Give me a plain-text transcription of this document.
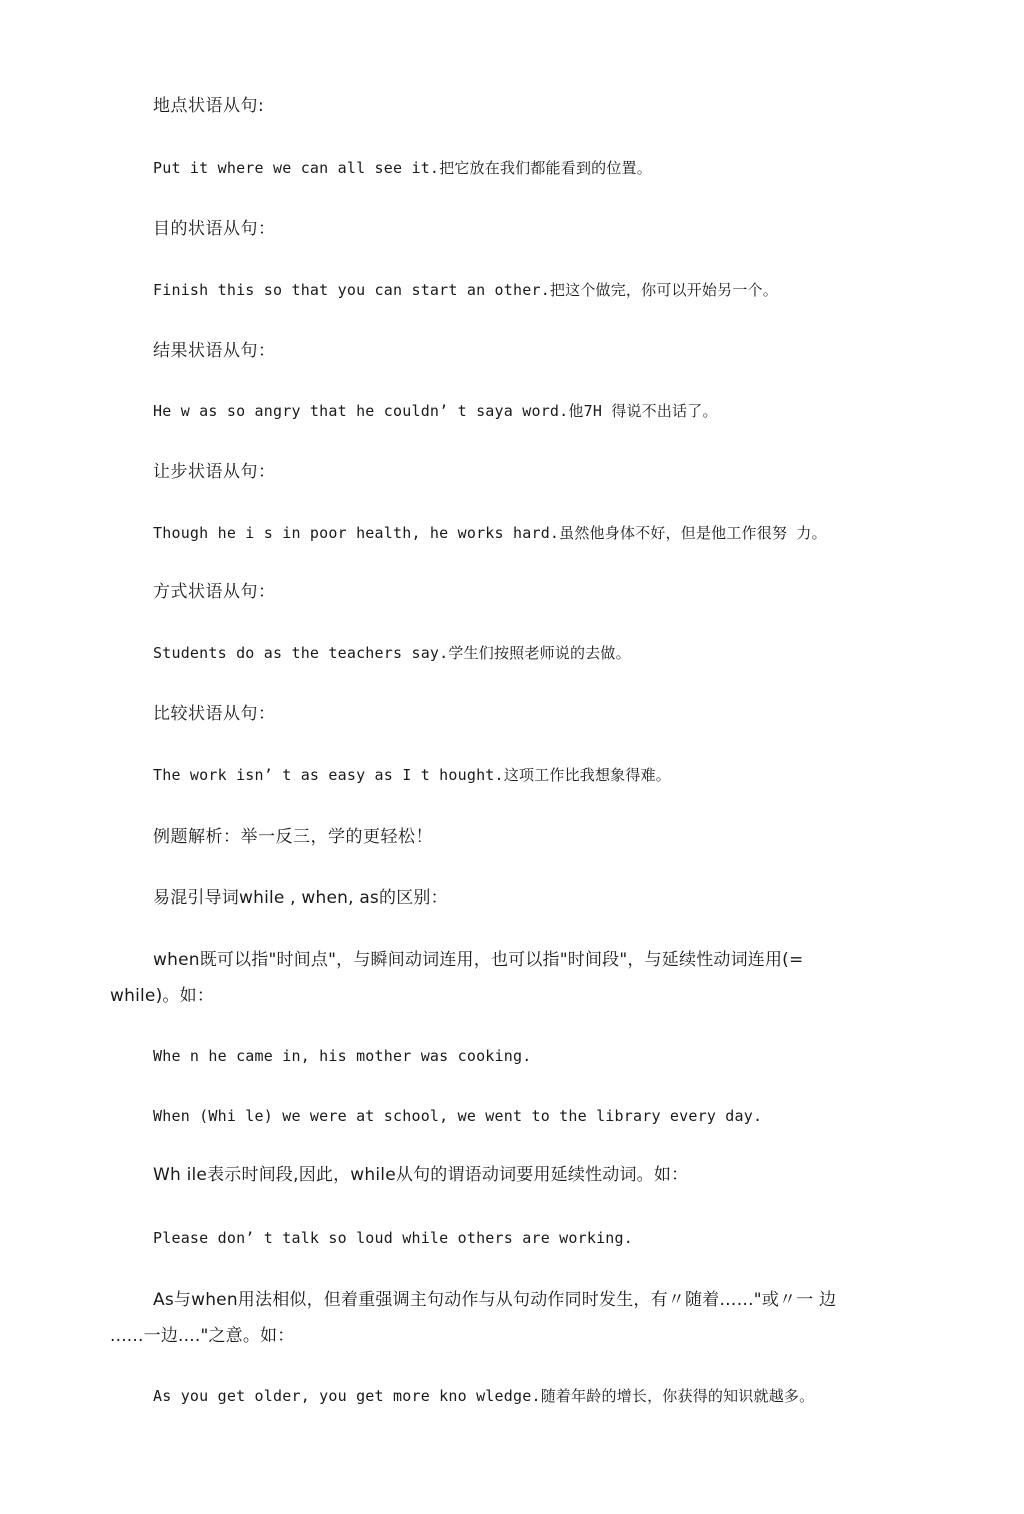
地点状语从句:
Put it where we can all see it.把它放在我们都能看到的位置。
目的状语从句：
Finish this so that you can start an other.把这个做完，你可以开始另一个。
结果状语从句：
He w as so angry that he couldn’ t saya word.他7H 得说不出话了。
让步状语从句：
Though he i s in poor health, he works hard.虽然他身体不好，但是他工作很努 力。
方式状语从句：
Students do as the teachers say.学生们按照老师说的去做。
比较状语从句：
The work isn’ t as easy as I t hought.这项工作比我想象得难。
例题解析：举一反三，学的更轻松！
易混引导词while , when, as的区别：
when既可以指"时间点"，与瞬间动词连用，也可以指"时间段"，与延续性动词连用(= while)。如：
Whe n he came in, his mother was cooking.
When (Whi le) we were at school, we went to the library every day.
Wh ile表示时间段,因此，while从句的谓语动词要用延续性动词。如：
Please don’ t talk so loud while others are working.
As与when用法相似，但着重强调主句动作与从句动作同时发生，有〃随着……"或〃一 边 ......一边...."之意。如：
As you get older, you get more kno wledge.随着年龄的增长，你获得的知识就越多。
